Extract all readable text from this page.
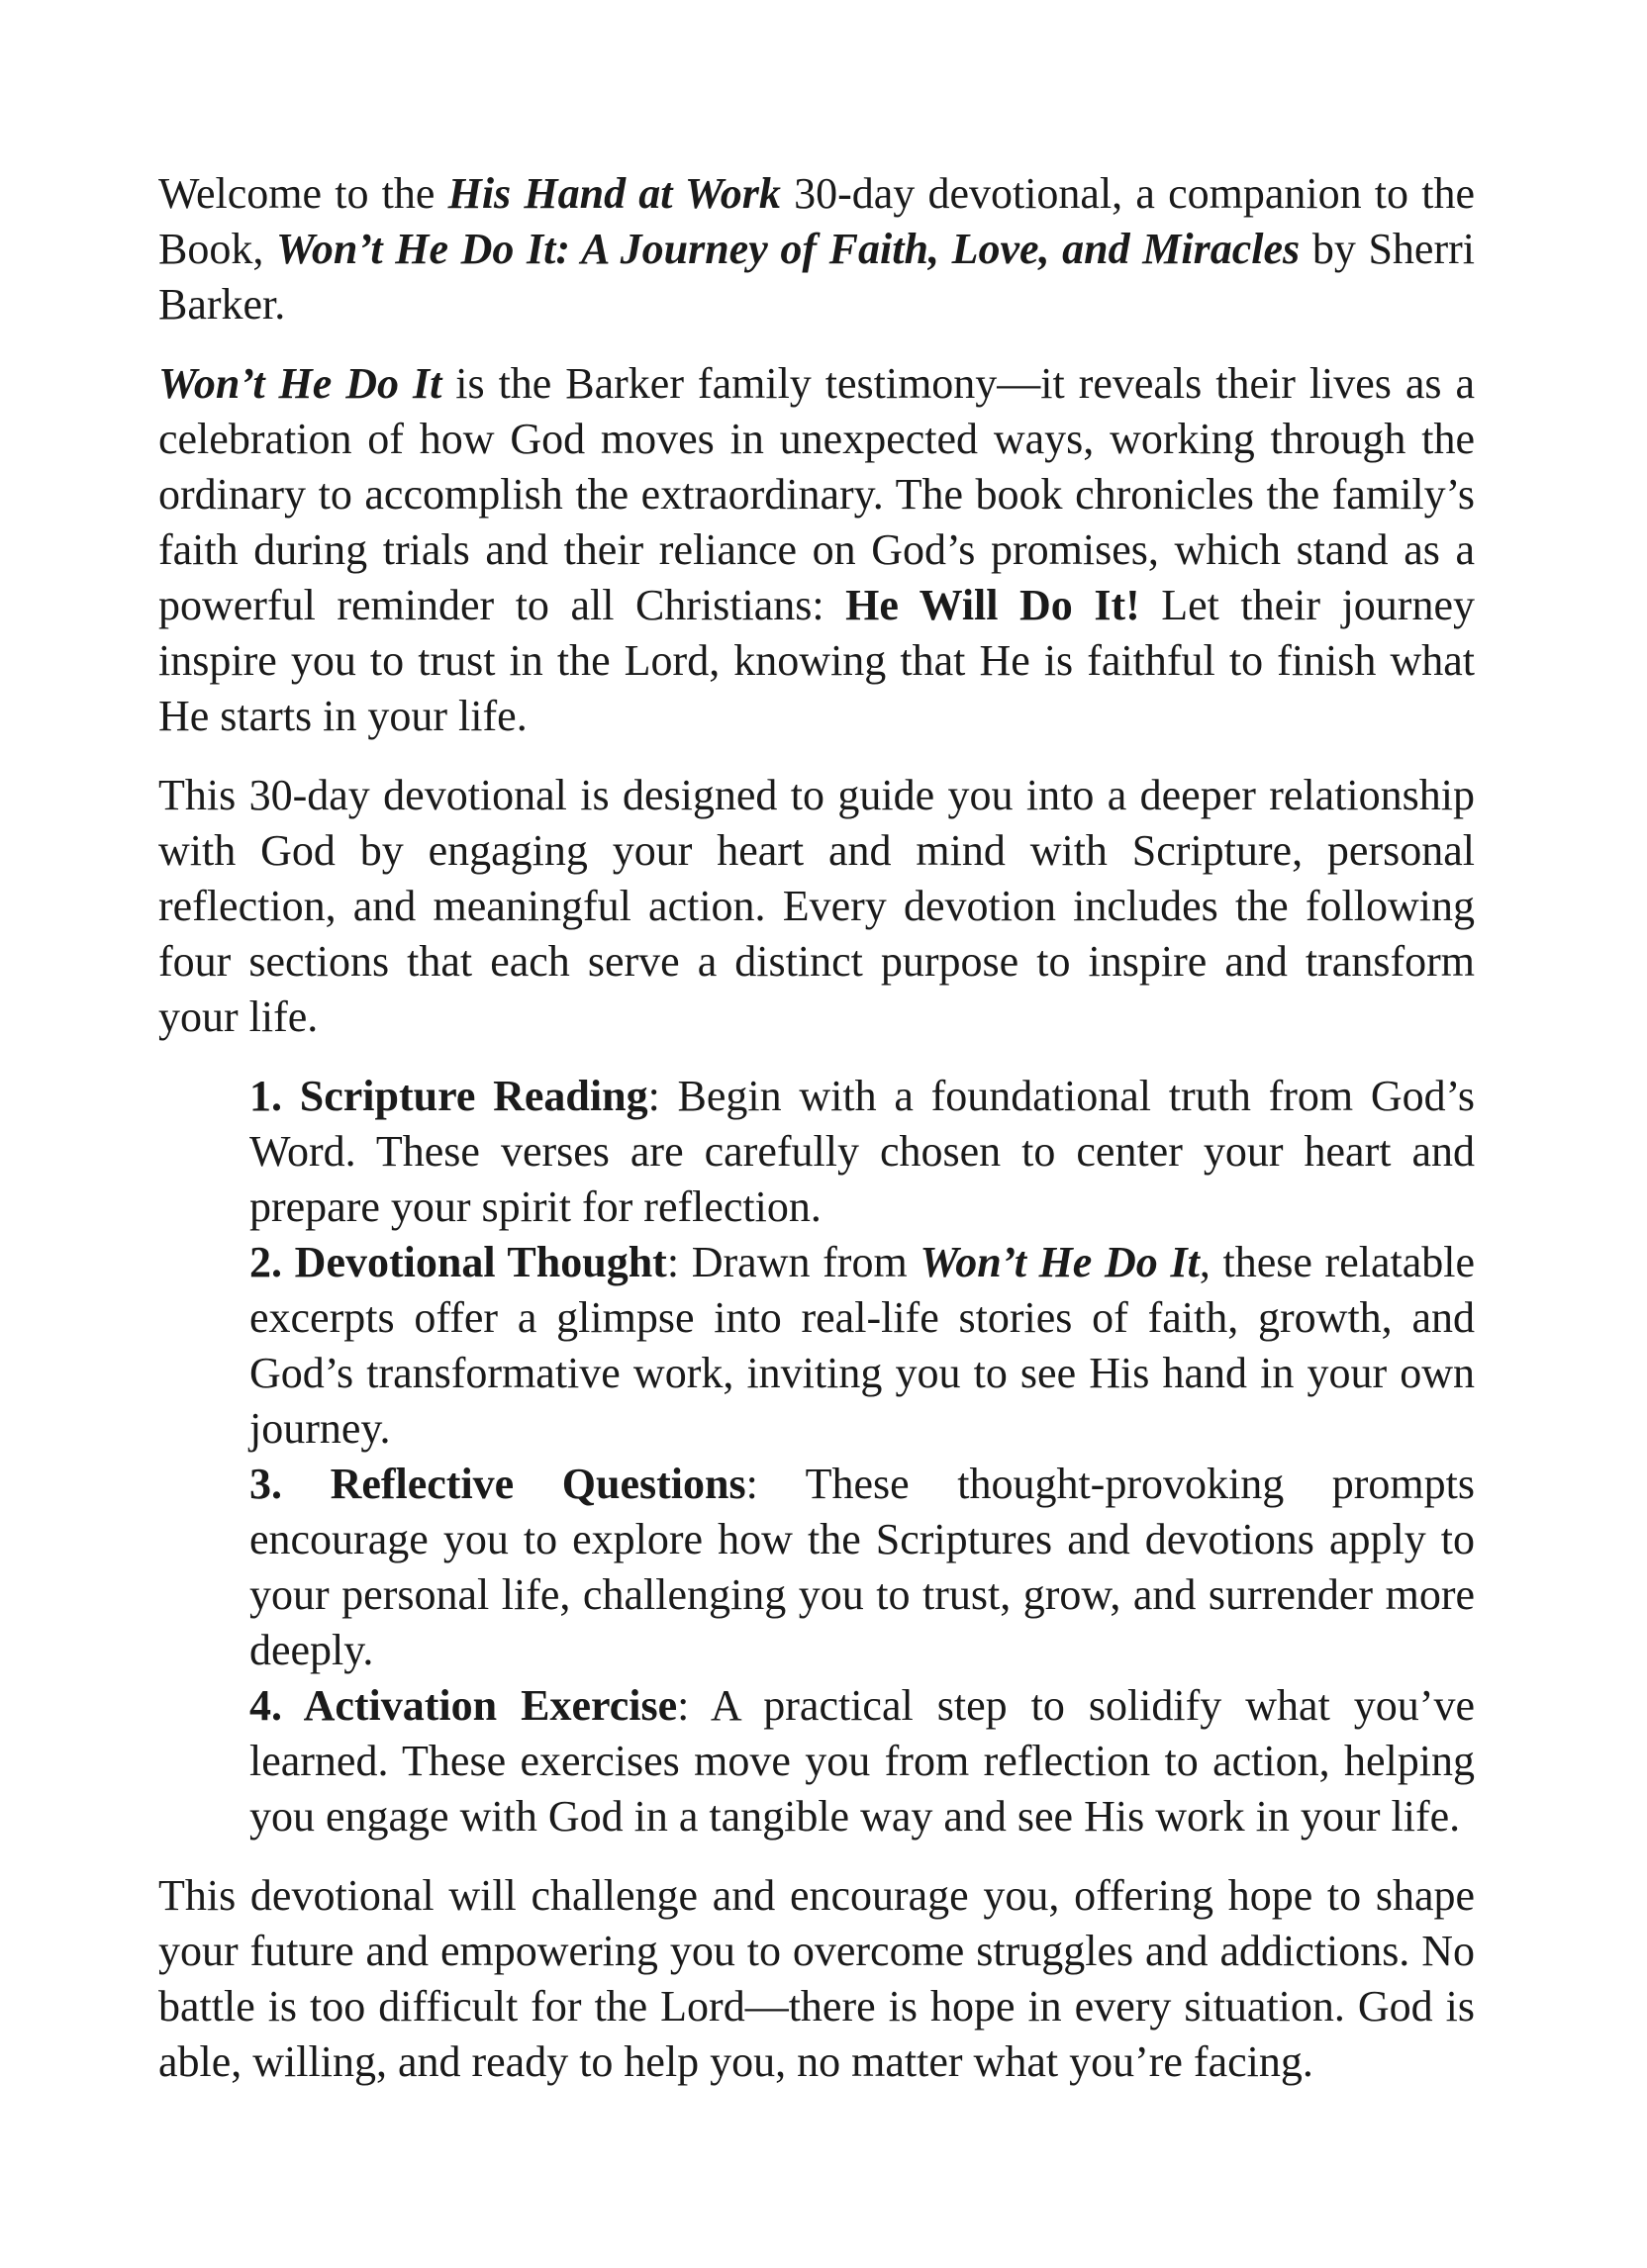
Welcome to the His Hand at Work 30-day devotional, a companion to the Book, Won’t He Do It: A Journey of Faith, Love, and Miracles by Sherri Barker.

Won’t He Do It is the Barker family testimony—it reveals their lives as a celebration of how God moves in unexpected ways, working through the ordinary to accomplish the extraordinary. The book chronicles the family’s faith during trials and their reliance on God’s promises, which stand as a powerful reminder to all Christians: He Will Do It! Let their journey inspire you to trust in the Lord, knowing that He is faithful to finish what He starts in your life.

This 30-day devotional is designed to guide you into a deeper relationship with God by engaging your heart and mind with Scripture, personal reflection, and meaningful action. Every devotion includes the following four sections that each serve a distinct purpose to inspire and transform your life.

1. Scripture Reading: Begin with a foundational truth from God’s Word. These verses are carefully chosen to center your heart and prepare your spirit for reflection.
2. Devotional Thought: Drawn from Won’t He Do It, these relatable excerpts offer a glimpse into real-life stories of faith, growth, and God’s transformative work, inviting you to see His hand in your own journey.
3. Reflective Questions: These thought-provoking prompts encourage you to explore how the Scriptures and devotions apply to your personal life, challenging you to trust, grow, and surrender more deeply.
4. Activation Exercise: A practical step to solidify what you’ve learned. These exercises move you from reflection to action, helping you engage with God in a tangible way and see His work in your life.

This devotional will challenge and encourage you, offering hope to shape your future and empowering you to overcome struggles and addictions. No battle is too difficult for the Lord—there is hope in every situation. God is able, willing, and ready to help you, no matter what you’re facing.
